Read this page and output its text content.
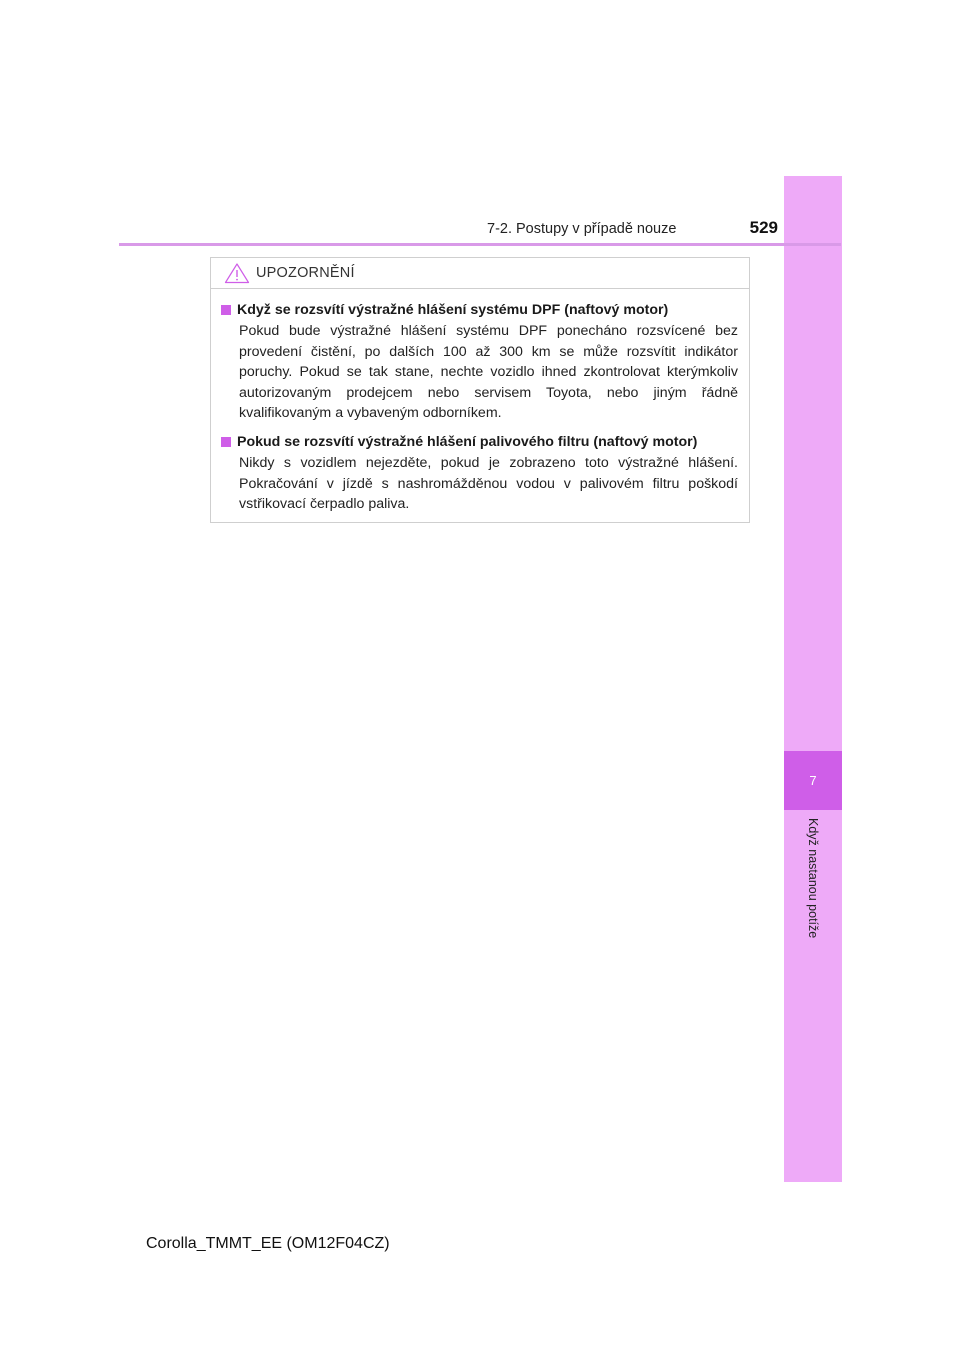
7
Když nastanou potíže
7-2. Postupy v případě nouze	529
UPOZORNĚNÍ
Když se rozsvítí výstražné hlášení systému DPF (naftový motor)
Pokud bude výstražné hlášení systému DPF ponecháno rozsvícené bez provedení čistění, po dalších 100 až 300 km se může rozsvítit indikátor poruchy. Pokud se tak stane, nechte vozidlo ihned zkontrolovat kterýmkoliv autorizovaným prodejcem nebo servisem Toyota, nebo jiným řádně kvalifikovaným a vybaveným odborníkem.
Pokud se rozsvítí výstražné hlášení palivového filtru (naftový motor)
Nikdy s vozidlem nejezděte, pokud je zobrazeno toto výstražné hlášení. Pokračování v jízdě s nashromážděnou vodou v palivovém filtru poškodí vstřikovací čerpadlo paliva.
Corolla_TMMT_EE (OM12F04CZ)
